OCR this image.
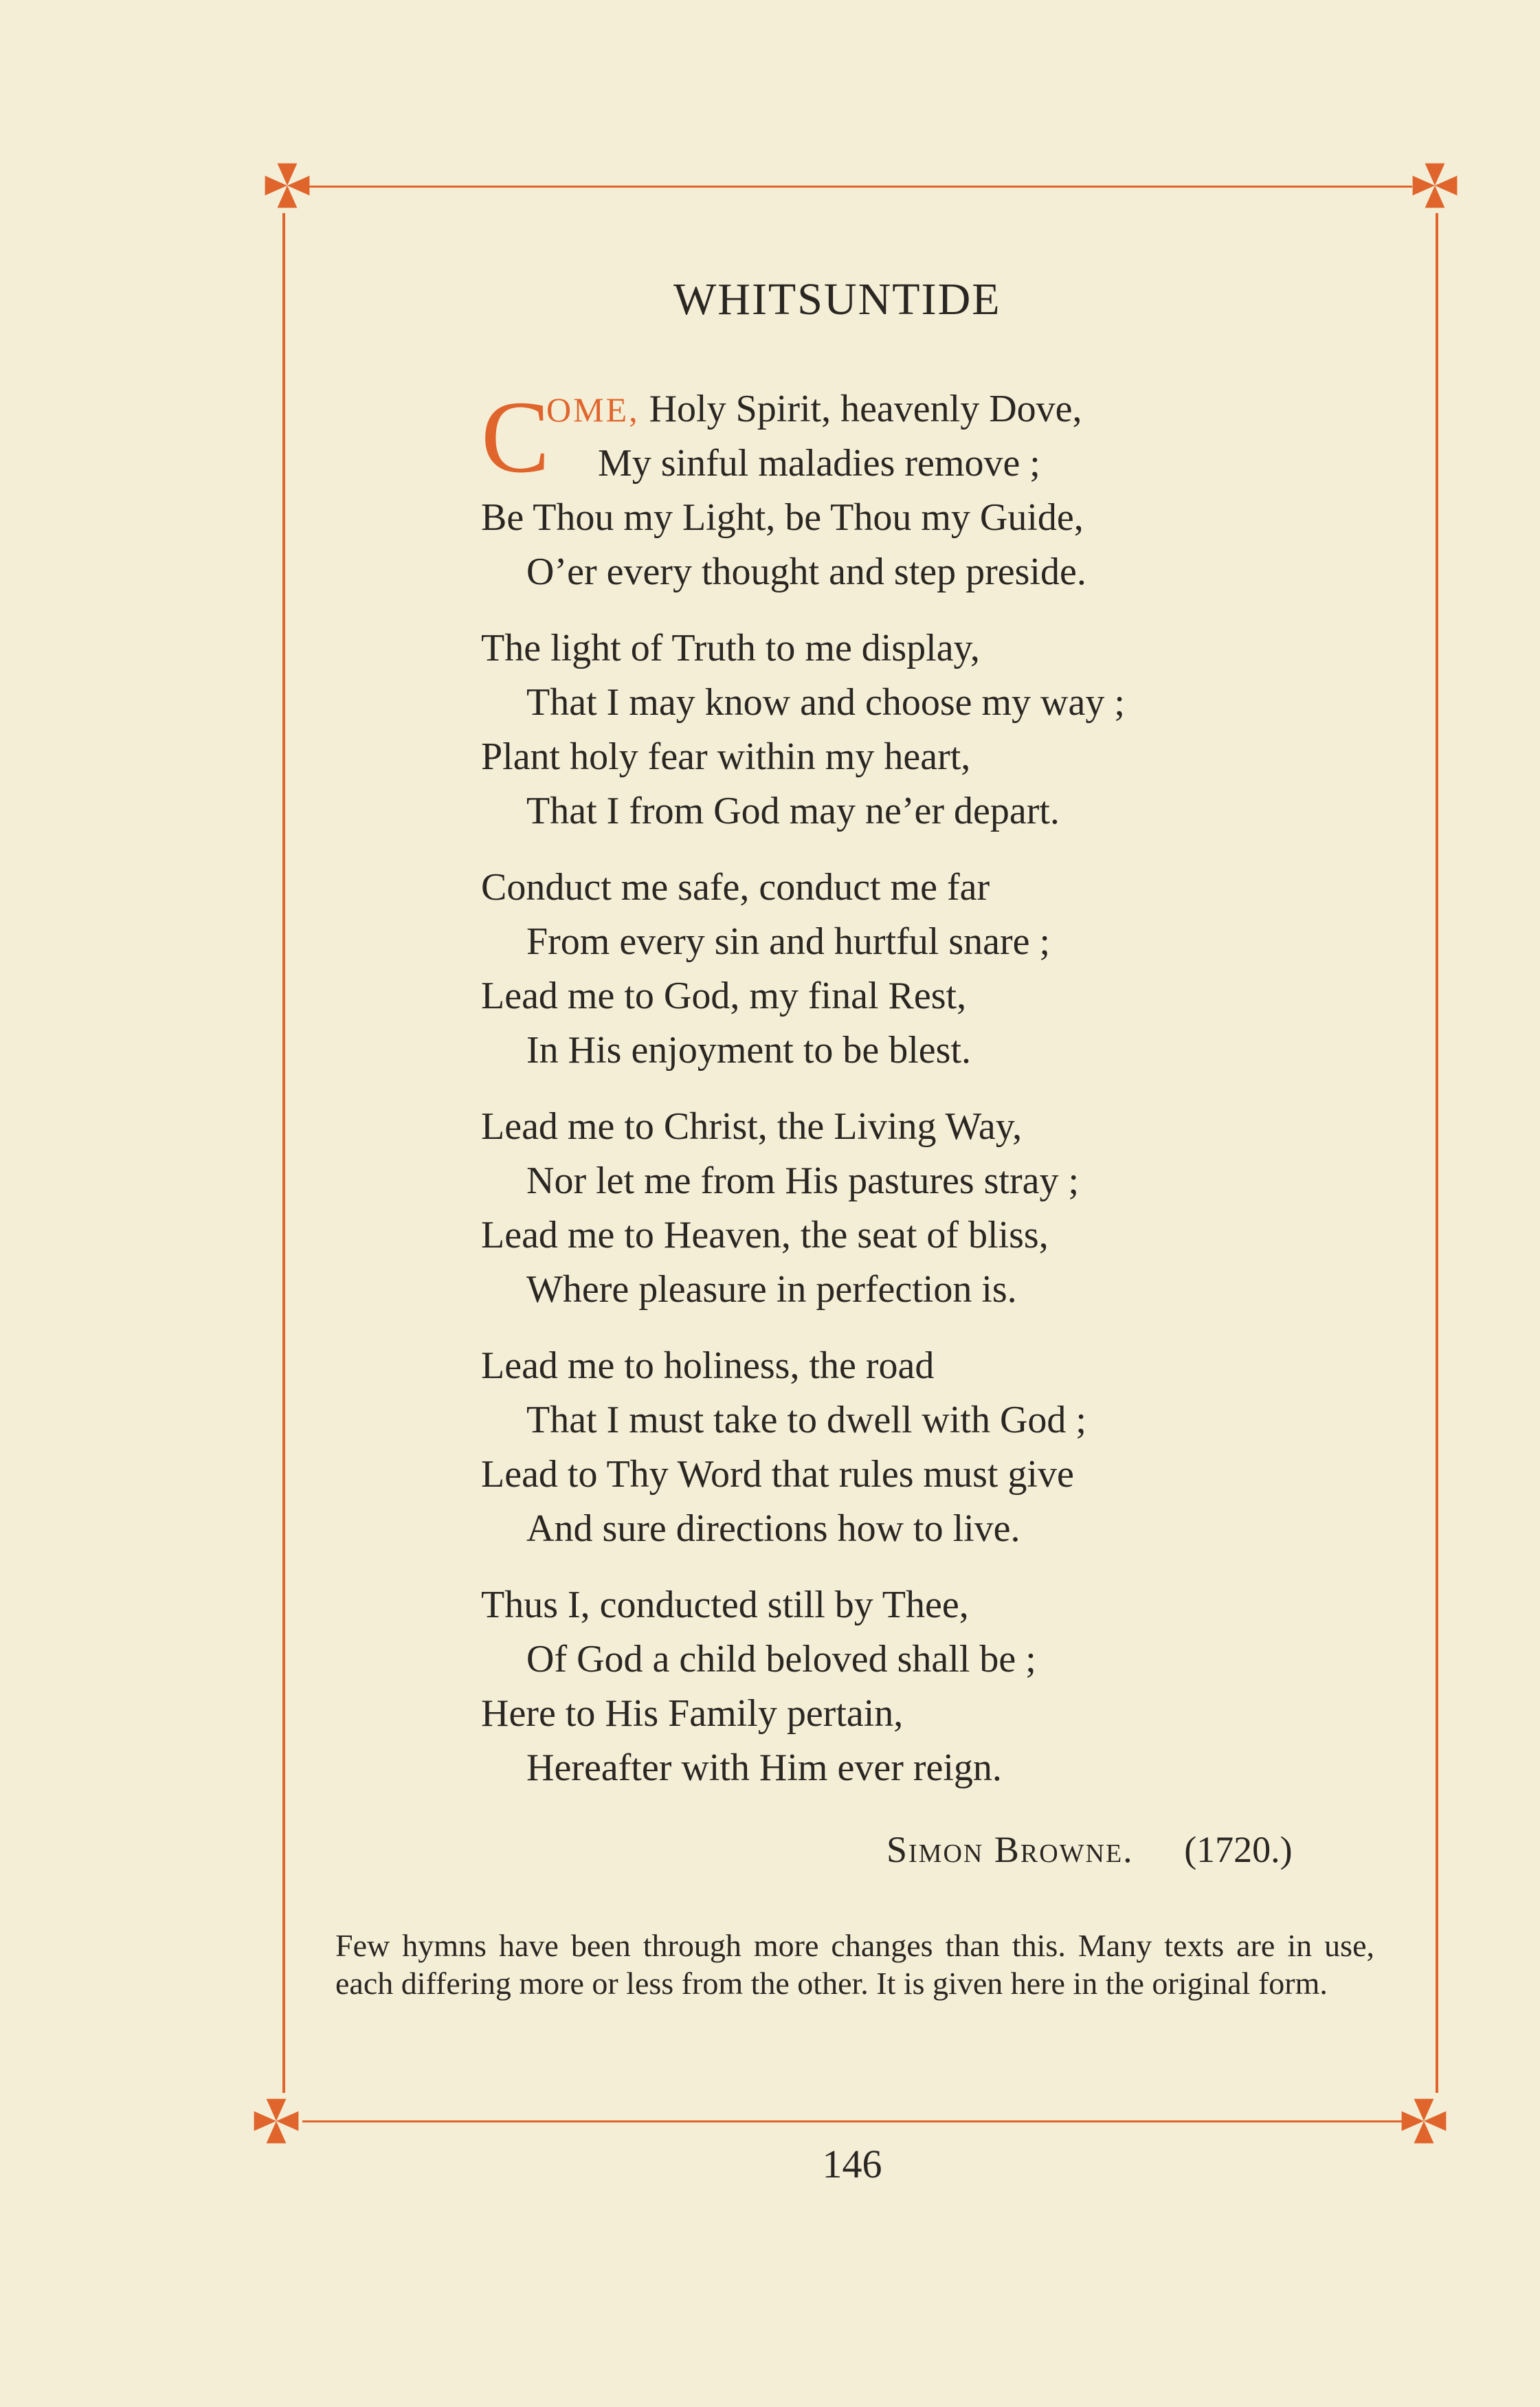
WHITSUNTIDE
C
OME, Holy Spirit, heavenly Dove,
My sinful maladies remove ;
Be Thou my Light, be Thou my Guide,
O’er every thought and step preside.
The light of Truth to me display,
That I may know and choose my way ;
Plant holy fear within my heart,
That I from God may ne’er depart.
Conduct me safe, conduct me far
From every sin and hurtful snare ;
Lead me to God, my final Rest,
In His enjoyment to be blest.
Lead me to Christ, the Living Way,
Nor let me from His pastures stray ;
Lead me to Heaven, the seat of bliss,
Where pleasure in perfection is.
Lead me to holiness, the road
That I must take to dwell with God ;
Lead to Thy Word that rules must give
And sure directions how to live.
Thus I, conducted still by Thee,
Of God a child beloved shall be ;
Here to His Family pertain,
Hereafter with Him ever reign.
Simon Browne. (1720.)
Few hymns have been through more changes than this. Many texts are in use, each differing more or less from the other. It is given here in the original form.
146
